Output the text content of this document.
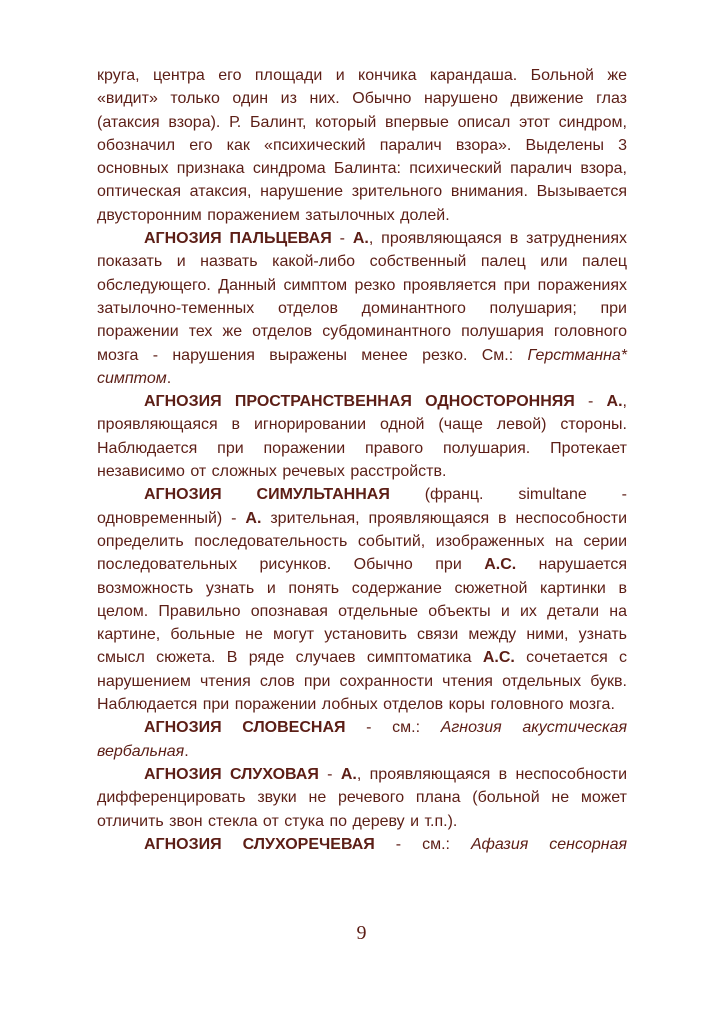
круга, центра его площади и кончика карандаша. Больной же «видит» только один из них. Обычно нарушено движение глаз (атаксия взора). Р. Балинт, который впервые описал этот синдром, обозначил его как «психический паралич взора». Выделены 3 основных признака синдрома Балинта: психический паралич взора, оптическая атаксия, нарушение зрительного внимания. Вызывается двусторонним поражением затылочных долей.

АГНОЗИЯ ПАЛЬЦЕВАЯ - А., проявляющаяся в затруднениях показать и назвать какой-либо собственный палец или палец обследующего. Данный симптом резко проявляется при поражениях затылочно-теменных отделов доминантного полушария; при поражении тех же отделов субдоминантного полушария головного мозга - нарушения выражены менее резко. См.: Герстманна* симптом.

АГНОЗИЯ ПРОСТРАНСТВЕННАЯ ОДНОСТОРОННЯЯ - А., проявляющаяся в игнорировании одной (чаще левой) стороны. Наблюдается при поражении правого полушария. Протекает независимо от сложных речевых расстройств.

АГНОЗИЯ СИМУЛЬТАННАЯ (франц. simultane - одновременный) - А. зрительная, проявляющаяся в неспособности определить последовательность событий, изображенных на серии последовательных рисунков. Обычно при А.С. нарушается возможность узнать и понять содержание сюжетной картинки в целом. Правильно опознавая отдельные объекты и их детали на картине, больные не могут установить связи между ними, узнать смысл сюжета. В ряде случаев симптоматика А.С. сочетается с нарушением чтения слов при сохранности чтения отдельных букв. Наблюдается при поражении лобных отделов коры головного мозга.

АГНОЗИЯ СЛОВЕСНАЯ - см.: Агнозия акустическая вербальная.

АГНОЗИЯ СЛУХОВАЯ - А., проявляющаяся в неспособности дифференцировать звуки не речевого плана (больной не может отличить звон стекла от стука по дереву и т.п.).

АГНОЗИЯ СЛУХОРЕЧЕВАЯ - см.: Афазия сенсорная

9
